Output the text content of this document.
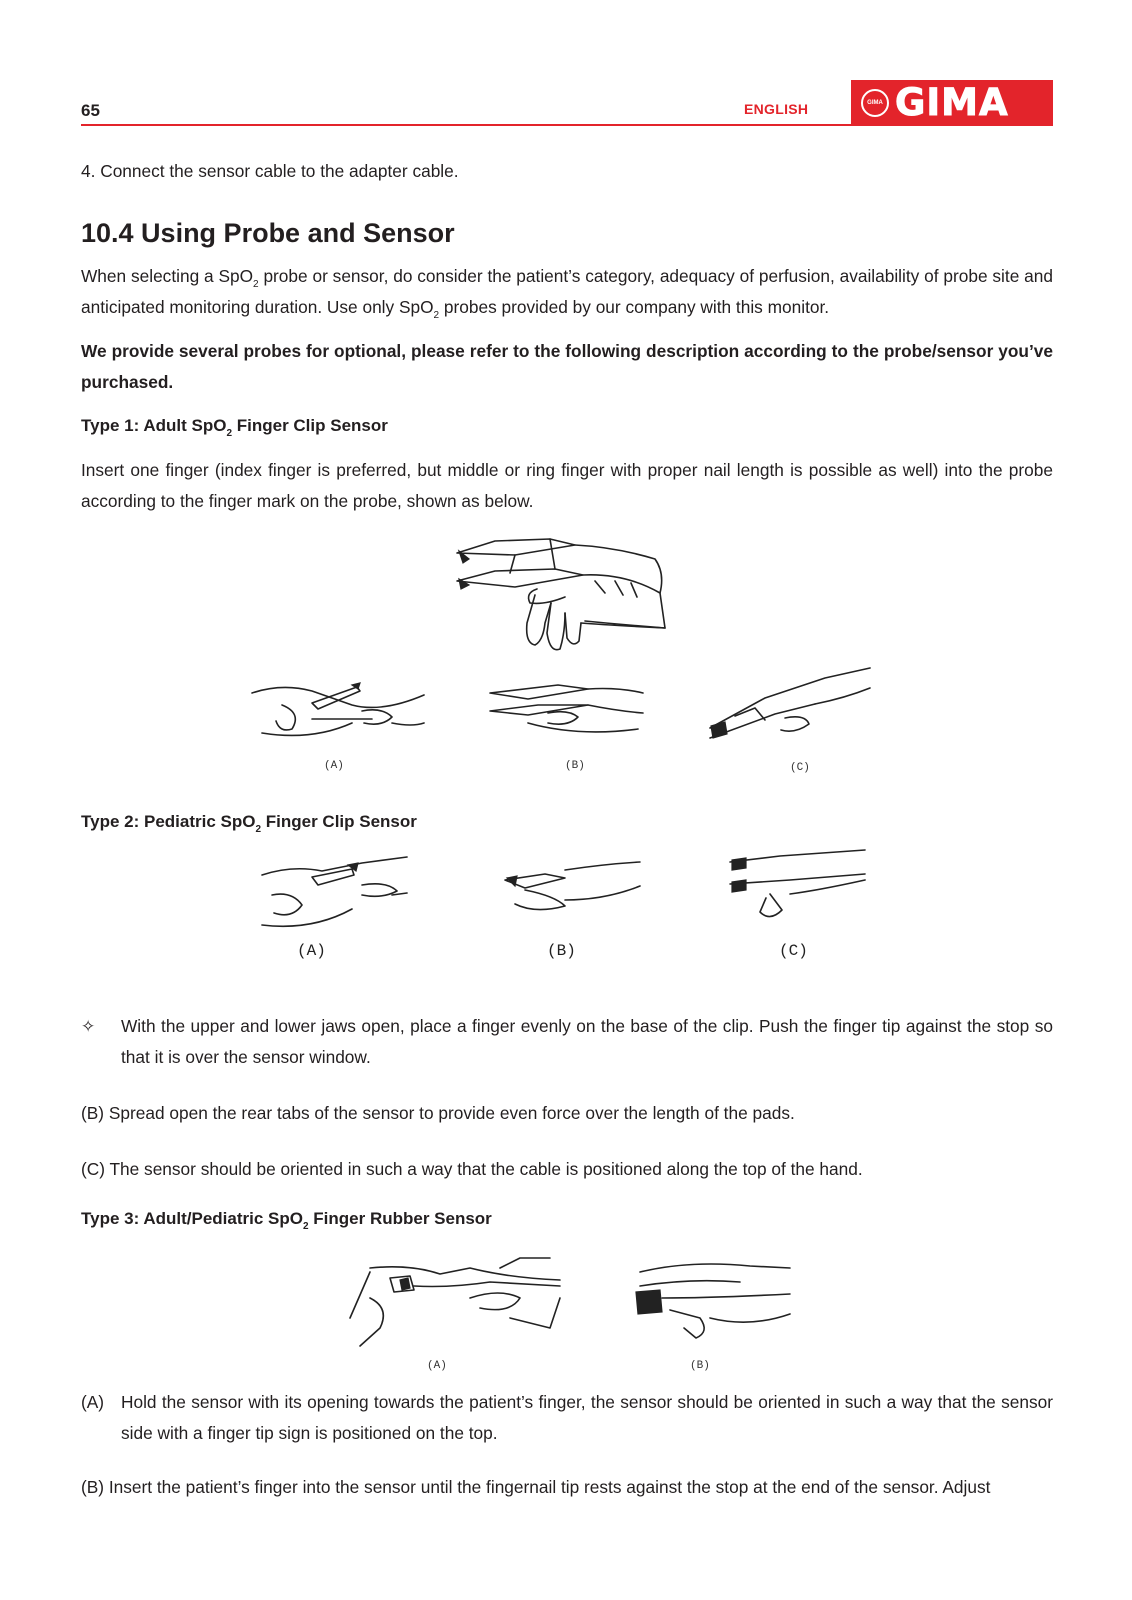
65	ENGLISH	GIMA GIMA

4. Connect the sensor cable to the adapter cable.

10.4 Using Probe and Sensor

When selecting a SpO$_2$ probe or sensor, do consider the patient’s category, adequacy of perfusion, availability of probe site and anticipated monitoring duration. Use only SpO$_2$ probes provided by our company with this monitor.

We provide several probes for optional, please refer to the following description according to the probe/sensor you’ve purchased.

Type 1: Adult SpO$_2$ Finger Clip Sensor

Insert one finger (index finger is preferred, but middle or ring finger with proper nail length is possible as well) into the probe according to the finger mark on the probe, shown as below.

(A)	(B)	(C)

Type 2: Pediatric SpO$_2$ Finger Clip Sensor

(A)	(B)	(C)
✧ With the upper and lower jaws open, place a finger evenly on the base of the clip. Push the finger tip against the stop so that it is over the sensor window.

(B) Spread open the rear tabs of the sensor to provide even force over the length of the pads.

(C) The sensor should be oriented in such a way that the cable is positioned along the top of the hand.

Type 3: Adult/Pediatric SpO$_2$ Finger Rubber Sensor

(A)	(B)
(A) Hold the sensor with its opening towards the patient’s finger, the sensor should be oriented in such a way that the sensor side with a finger tip sign is positioned on the top.

(B) Insert the patient’s finger into the sensor until the fingernail tip rests against the stop at the end of the sensor. Adjust
